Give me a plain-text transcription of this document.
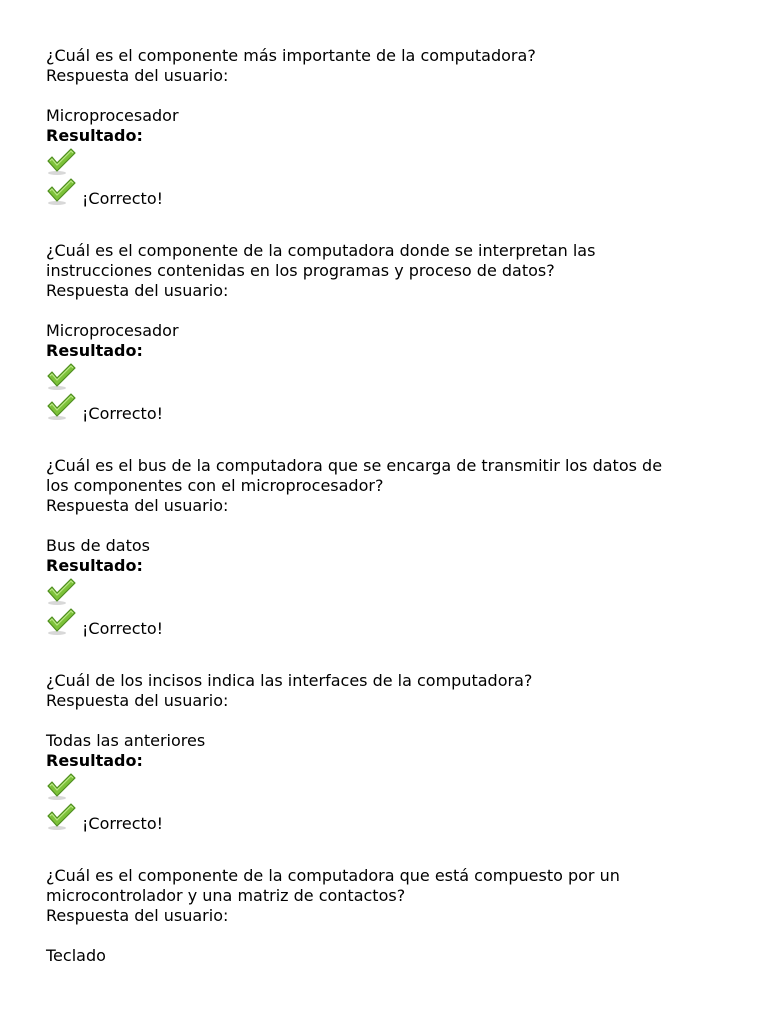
¿Cuál es el componente más importante de la computadora?
Respuesta del usuario:
Microprocesador
Resultado:
¡Correcto!
¿Cuál es el componente de la computadora donde se interpretan las
instrucciones contenidas en los programas y proceso de datos?
Respuesta del usuario:
Microprocesador
Resultado:
¡Correcto!
¿Cuál es el bus de la computadora que se encarga de transmitir los datos de
los componentes con el microprocesador?
Respuesta del usuario:
Bus de datos
Resultado:
¡Correcto!
¿Cuál de los incisos indica las interfaces de la computadora?
Respuesta del usuario:
Todas las anteriores
Resultado:
¡Correcto!
¿Cuál es el componente de la computadora que está compuesto por un
microcontrolador y una matriz de contactos?
Respuesta del usuario:
Teclado
